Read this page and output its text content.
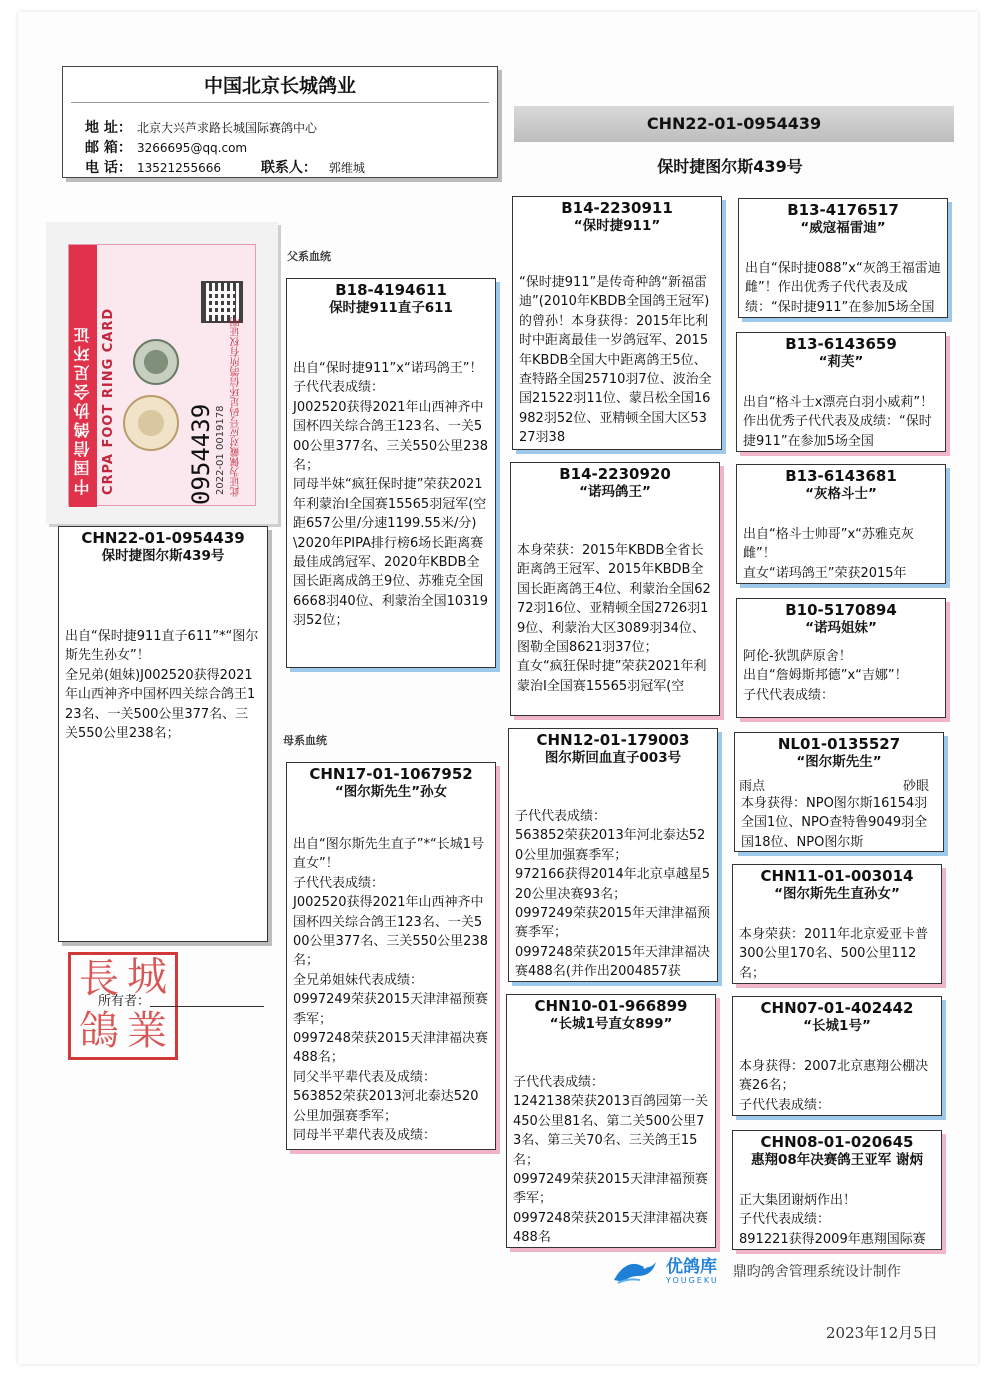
中国北京长城鸽业
地 址： 北京大兴芦求路长城国际赛鸽中心
邮 箱： 3266695@qq.com
电 话： 13521255666	联系人： 郭维城
CHN22-01-0954439
保时捷图尔斯439号
中国信鸽协会足环证 CRPA FOOT RING CARD	0954439 2022-01 0019178 此证为佩戴对应号码足环信鸽所有权证明
CHN22-01-0954439
保时捷图尔斯439号
出自“保时捷911直子611”*“图尔斯先生孙女”！
全兄弟(姐妹)J002520获得2021年山西神齐中国杯四关综合鸽王123名、一关500公里377名、三关550公里238名；
父系血统
母系血统
B18-4194611
保时捷911直子611
出自“保时捷911”x“诺玛鸽王”！
子代代表成绩：
J002520获得2021年山西神齐中国杯四关综合鸽王123名、一关500公里377名、三关550公里238名；
同母半妹“疯狂保时捷”荣获2021年利蒙治I全国赛15565羽冠军(空距657公里/分速1199.55米/分)\2020年PIPA排行榜6场长距离赛最佳成鸽冠军、2020年KBDB全国长距离成鸽王9位、苏雅克全国6668羽40位、利蒙治全国10319羽52位；
CHN17-01-1067952
“图尔斯先生”孙女
出自“图尔斯先生直子”*“长城1号直女”！
子代代表成绩：
J002520获得2021年山西神齐中国杯四关综合鸽王123名、一关500公里377名、三关550公里238名；
全兄弟姐妹代表成绩：
0997249荣获2015天津津福预赛季军；
0997248荣获2015天津津福决赛488名；
同父半平辈代表及成绩：
563852荣获2013河北泰达520公里加强赛季军；
同母半平辈代表及成绩：
B14-2230911
“保时捷911”
“保时捷911”是传奇种鸽“新福雷迪”(2010年KBDB全国鸽王冠军)的曾孙！本身获得：2015年比利时中距离最佳一岁鸽冠军、2015年KBDB全国大中距离鸽王5位、查特路全国25710羽7位、波治全国21522羽11位、蒙吕松全国16982羽52位、亚精顿全国大区5327羽38
B14-2230920
“诺玛鸽王”
本身荣获：2015年KBDB全省长距离鸽王冠军、2015年KBDB全国长距离鸽王4位、利蒙治全国6272羽16位、亚精顿全国2726羽19位、利蒙治大区3089羽34位、图勒全国8621羽37位；
直女“疯狂保时捷”荣获2021年利蒙治I全国赛15565羽冠军(空
CHN12-01-179003
图尔斯回血直子003号
子代代表成绩：
563852荣获2013年河北泰达520公里加强赛季军；
972166获得2014年北京卓越星520公里决赛93名；
0997249荣获2015年天津津福预赛季军；
0997248荣获2015年天津津福决赛488名(并作出2004857获
CHN10-01-966899
“长城1号直女899”
子代代表成绩：
1242138荣获2013百鸽园第一关450公里81名、第二关500公里73名、第三关70名、三关鸽王15名；
0997249荣获2015天津津福预赛季军；
0997248荣获2015天津津福决赛488名
B13-4176517
“威寇福雷迪”
出自“保时捷088”x“灰鸽王福雷迪雌”！作出优秀子代代表及成绩：“保时捷911”在参加5场全国
B13-6143659
“莉芙”
出自“格斗士x漂亮白羽小威莉”！作出优秀子代代表及成绩：“保时捷911”在参加5场全国
B13-6143681
“灰格斗士”
出自“格斗士帅哥”x“苏雅克灰雌”！
直女“诺玛鸽王”荣获2015年
B10-5170894
“诺玛姐妹”
阿伦-狄凯萨原舍！
出自“詹姆斯邦德”x“吉娜”！
子代代表成绩：
NL01-0135527
“图尔斯先生”
雨点	砂眼
本身获得：NPO图尔斯16154羽全国1位、NPO查特鲁9049羽全国18位、NPO图尔斯
CHN11-01-003014
“图尔斯先生直孙女”
本身荣获：2011年北京爱亚卡普300公里170名、500公里112名；
CHN07-01-402442
“长城1号”
本身获得：2007北京惠翔公棚决赛26名；
子代代表成绩：
CHN08-01-020645
惠翔08年决赛鸽王亚军 谢炳
正大集团谢炳作出！
子代代表成绩：
891221获得2009年惠翔国际赛
長 城
鴿 業
所有者：
优鸽库
YOUGEKU 鼎昀鸽舍管理系统设计制作
2023年12月5日
